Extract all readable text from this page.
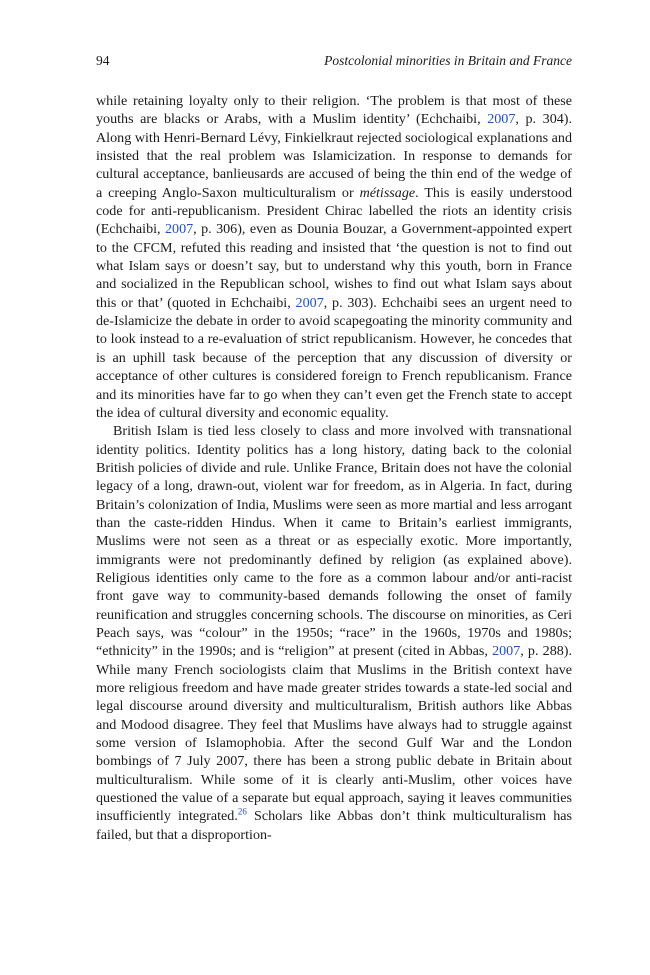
94	Postcolonial minorities in Britain and France

while retaining loyalty only to their religion. ‘The problem is that most of these youths are blacks or Arabs, with a Muslim identity’ (Echchaibi, 2007, p. 304). Along with Henri-Bernard Lévy, Finkielkraut rejected sociological explanations and insisted that the real problem was Islamicization. In response to demands for cultural acceptance, banlieusards are accused of being the thin end of the wedge of a creeping Anglo-Saxon multiculturalism or métissage. This is easily understood code for anti-republicanism. President Chirac labelled the riots an identity crisis (Echchaibi, 2007, p. 306), even as Dounia Bouzar, a Government-appointed expert to the CFCM, refuted this reading and insisted that ‘the question is not to find out what Islam says or doesn’t say, but to understand why this youth, born in France and socialized in the Republican school, wishes to find out what Islam says about this or that’ (quoted in Echchaibi, 2007, p. 303). Echchaibi sees an urgent need to de-Islamicize the debate in order to avoid scapegoating the minority community and to look instead to a re-evaluation of strict republicanism. However, he concedes that is an uphill task because of the perception that any discussion of diversity or acceptance of other cultures is considered foreign to French republicanism. France and its minorities have far to go when they can’t even get the French state to accept the idea of cultural diversity and economic equality.

British Islam is tied less closely to class and more involved with transnational identity politics. Identity politics has a long history, dating back to the colonial British policies of divide and rule. Unlike France, Britain does not have the colonial legacy of a long, drawn-out, violent war for freedom, as in Algeria. In fact, during Britain’s colonization of India, Muslims were seen as more martial and less arrogant than the caste-ridden Hindus. When it came to Britain’s earliest immigrants, Muslims were not seen as a threat or as especially exotic. More importantly, immigrants were not predominantly defined by religion (as explained above). Religious identities only came to the fore as a common labour and/or anti-racist front gave way to community-based demands following the onset of family reunification and struggles concerning schools. The discourse on minorities, as Ceri Peach says, was “colour” in the 1950s; “race” in the 1960s, 1970s and 1980s; “ethnicity” in the 1990s; and is “religion” at present (cited in Abbas, 2007, p. 288). While many French sociologists claim that Muslims in the British context have more religious freedom and have made greater strides towards a state-led social and legal discourse around diversity and multiculturalism, British authors like Abbas and Modood disagree. They feel that Muslims have always had to struggle against some version of Islamophobia. After the second Gulf War and the London bombings of 7 July 2007, there has been a strong public debate in Britain about multiculturalism. While some of it is clearly anti-Muslim, other voices have questioned the value of a separate but equal approach, saying it leaves communities insufficiently integrated.$^{26}$ Scholars like Abbas don’t think multiculturalism has failed, but that a disproportion-
